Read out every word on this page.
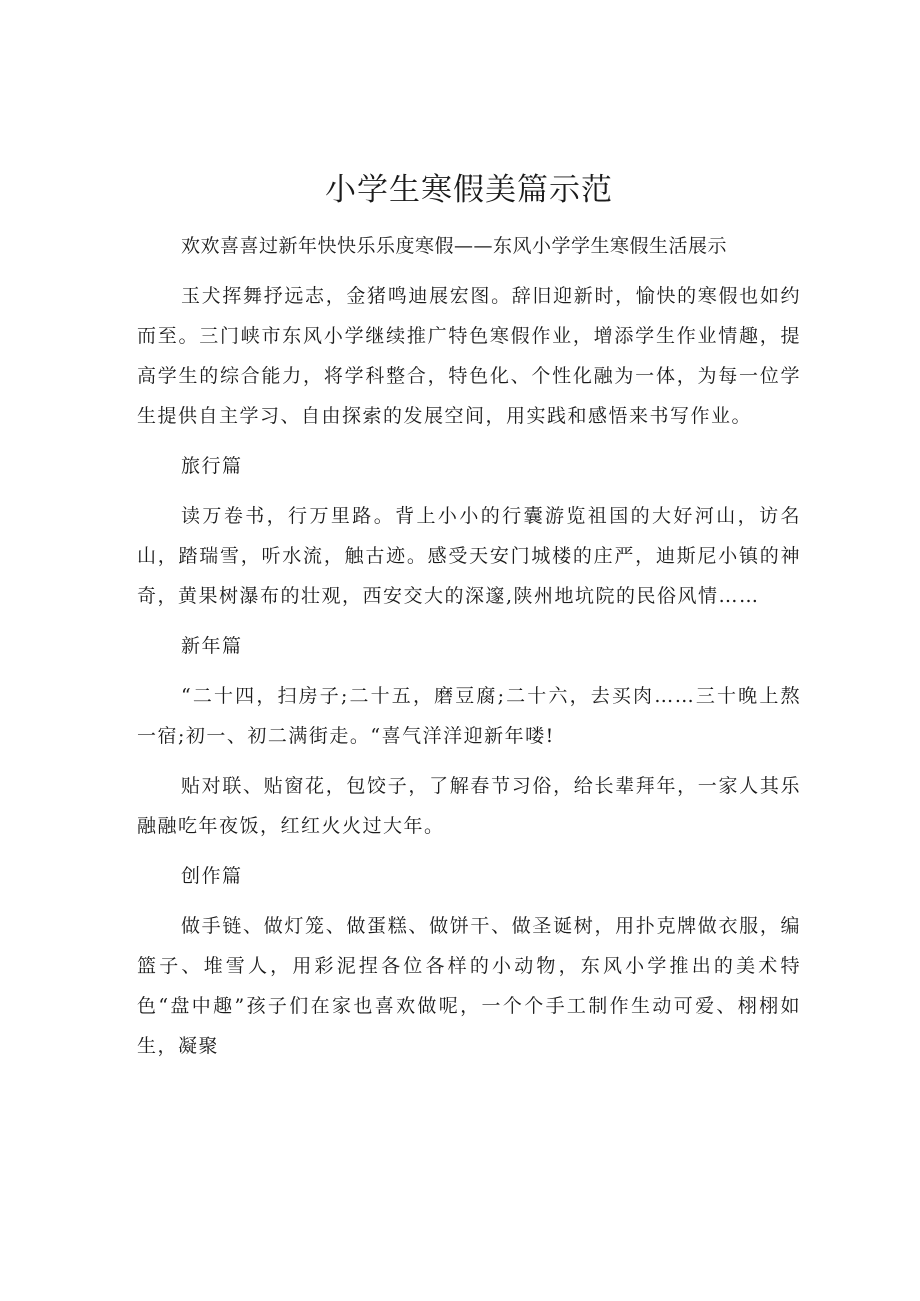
小学生寒假美篇示范

欢欢喜喜过新年快快乐乐度寒假——东风小学学生寒假生活展示

玉犬挥舞抒远志，金猪鸣迪展宏图。辞旧迎新时，愉快的寒假也如约而至。三门峡市东风小学继续推广特色寒假作业，增添学生作业情趣，提高学生的综合能力，将学科整合，特色化、个性化融为一体，为每一位学生提供自主学习、自由探索的发展空间，用实践和感悟来书写作业。

旅行篇

读万卷书，行万里路。背上小小的行囊游览祖国的大好河山，访名山，踏瑞雪，听水流，触古迹。感受天安门城楼的庄严，迪斯尼小镇的神奇，黄果树瀑布的壮观，西安交大的深邃,陕州地坑院的民俗风情……

新年篇

“二十四，扫房子;二十五，磨豆腐;二十六，去买肉……三十晚上熬一宿;初一、初二满街走。“喜气洋洋迎新年喽!

贴对联、贴窗花，包饺子，了解春节习俗，给长辈拜年，一家人其乐融融吃年夜饭，红红火火过大年。

创作篇

做手链、做灯笼、做蛋糕、做饼干、做圣诞树，用扑克牌做衣服，编篮子、堆雪人，用彩泥捏各位各样的小动物，东风小学推出的美术特色“盘中趣”孩子们在家也喜欢做呢，一个个手工制作生动可爱、栩栩如生，凝聚
